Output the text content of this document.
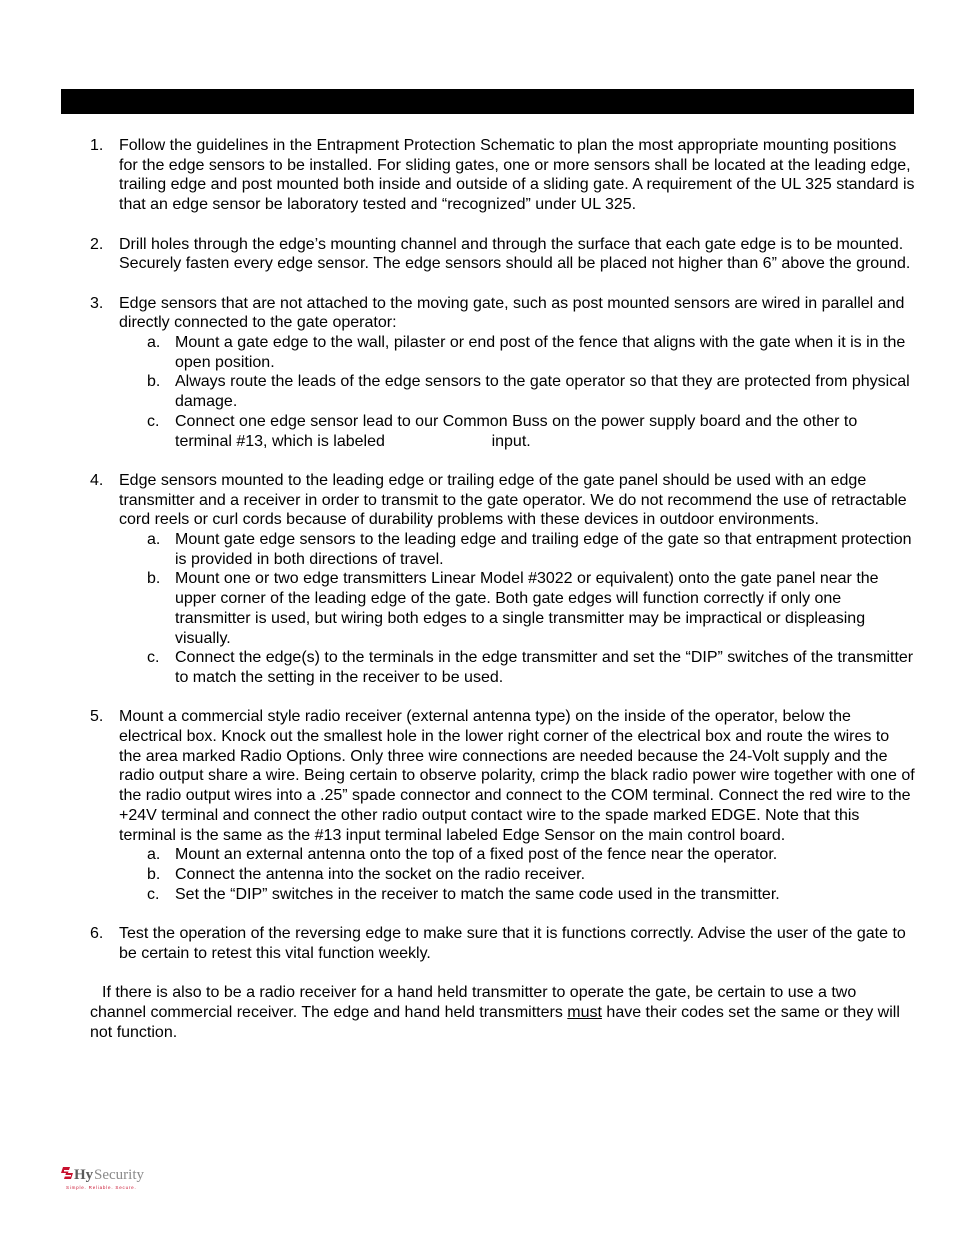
1. Follow the guidelines in the Entrapment Protection Schematic to plan the most appropriate mounting positions for the edge sensors to be installed. For sliding gates, one or more sensors shall be located at the leading edge, trailing edge and post mounted both inside and outside of a sliding gate. A requirement of the UL 325 standard is that an edge sensor be laboratory tested and “recognized” under UL 325.
2. Drill holes through the edge’s mounting channel and through the surface that each gate edge is to be mounted. Securely fasten every edge sensor. The edge sensors should all be placed not higher than 6” above the ground.
3. Edge sensors that are not attached to the moving gate, such as post mounted sensors are wired in parallel and directly connected to the gate operator:
a. Mount a gate edge to the wall, pilaster or end post of the fence that aligns with the gate when it is in the open position.
b. Always route the leads of the edge sensors to the gate operator so that they are protected from physical damage.
c. Connect one edge sensor lead to our Common Buss on the power supply board and the other to terminal #13, which is labeled                        input.
4. Edge sensors mounted to the leading edge or trailing edge of the gate panel should be used with an edge transmitter and a receiver in order to transmit to the gate operator. We do not recommend the use of retractable cord reels or curl cords because of durability problems with these devices in outdoor environments.
a. Mount gate edge sensors to the leading edge and trailing edge of the gate so that entrapment protection is provided in both directions of travel.
b. Mount one or two edge transmitters Linear Model #3022 or equivalent) onto the gate panel near the upper corner of the leading edge of the gate. Both gate edges will function correctly if only one transmitter is used, but wiring both edges to a single transmitter may be impractical or displeasing visually.
c. Connect the edge(s) to the terminals in the edge transmitter and set the “DIP” switches of the transmitter to match the setting in the receiver to be used.
5. Mount a commercial style radio receiver (external antenna type) on the inside of the operator, below the electrical box. Knock out the smallest hole in the lower right corner of the electrical box and route the wires to the area marked Radio Options. Only three wire connections are needed because the 24-Volt supply and the radio output share a wire. Being certain to observe polarity, crimp the black radio power wire together with one of the radio output wires into a .25” spade connector and connect to the COM terminal. Connect the red wire to the +24V terminal and connect the other radio output contact wire to the spade marked EDGE. Note that this terminal is the same as the #13 input terminal labeled Edge Sensor on the main control board.
a. Mount an external antenna onto the top of a fixed post of the fence near the operator.
b. Connect the antenna into the socket on the radio receiver.
c. Set the “DIP” switches in the receiver to match the same code used in the transmitter.
6. Test the operation of the reversing edge to make sure that it is functions correctly. Advise the user of the gate to be certain to retest this vital function weekly.

If there is also to be a radio receiver for a hand held transmitter to operate the gate, be certain to use a two channel commercial receiver. The edge and hand held transmitters must have their codes set the same or they will not function.

Hy Security
Simple. Reliable. Secure.
